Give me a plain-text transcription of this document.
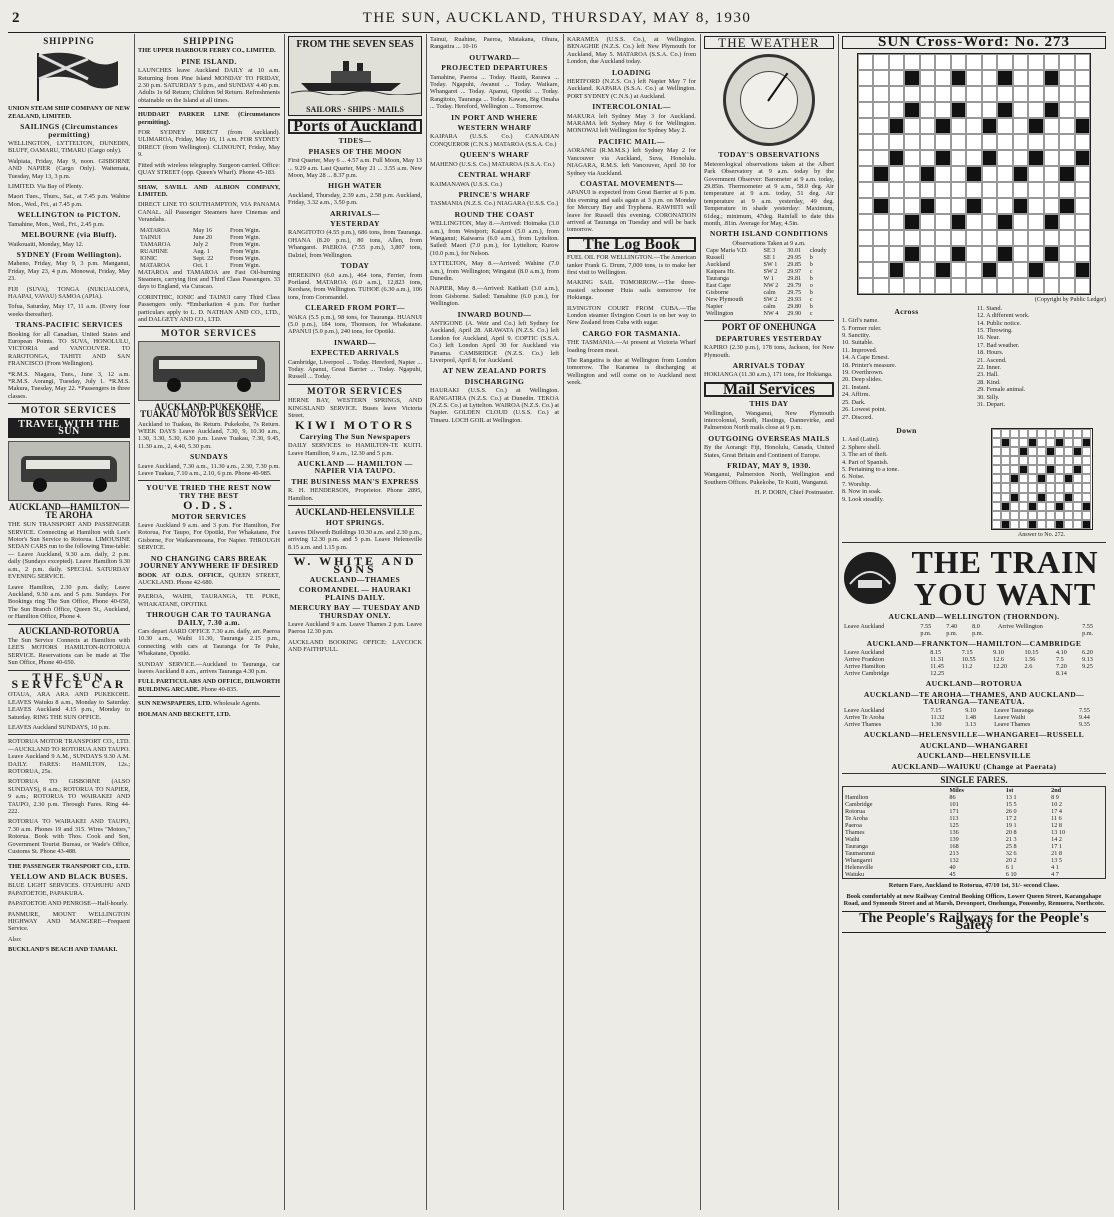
2	THE SUN, AUCKLAND, THURSDAY, MAY 8, 1930
SHIPPING

UNION STEAM SHIP COMPANY OF NEW ZEALAND, LIMITED.

SAILINGS (Circumstances permitting)

WELLINGTON, LYTTELTON, DUNEDIN, BLUFF, OAMARU, TIMARU (Cargo only).

Walpiata, Friday, May 9, noon. GISBORNE AND NAPIER (Cargo Only). Waitemata, Tuesday, May 13, 3 p.m.

LIMITED. Via Bay of Plenty.

Maori Tues., Thurs., Sat., at 7.45 p.m. Wahine Mon., Wed., Fri., at 7.45 p.m.

WELLINGTON to PICTON.

Tamahine, Mon., Wed., Fri., 2.45 p.m.

MELBOURNE (via Bluff).

Waikouaiti, Monday, May 12.

SYDNEY (From Wellington).

Maheno, Friday, May 9, 3 p.m. Manganui, Friday, May 23, 4 p.m. Monowai, Friday, May 23.

FIJI (SUVA), TONGA (NUKUALOFA, HAAPAI, VAVAU) SAMOA (APIA).

Tofua, Saturday, May 17, 11 a.m. (Every four weeks thereafter).

TRANS-PACIFIC SERVICES

Booking for all Canadian, United States and European Points. TO SUVA, HONOLULU, VICTORIA and VANCOUVER. TO RAROTONGA, TAHITI AND SAN FRANCISCO (From Wellington).

*R.M.S. Niagara, Tues., June 3, 12 a.m. *R.M.S. Aorangi, Tuesday, July 1. *R.M.S. Makura, Tuesday, May 22. *Passengers in three classes.

MOTOR SERVICES
TRAVEL WITH THE SUN
AUCKLAND—HAMILTON— TE AROHA

THE SUN TRANSPORT AND PASSENGER SERVICE. Connecting at Hamilton with Lee's Motor's Sun Service to Rotorua. LIMOUSINE SEDAN CARS run to the following Time-table:— Leave Auckland, 9.30 a.m. daily, 2 p.m. daily (Sundays excepted). Leave Hamilton 9.30 a.m., 2 p.m. daily. SPECIAL SATURDAY EVENING SERVICE.

Leave Hamilton, 2.30 p.m. daily; Leave Auckland, 9.30 a.m. and 5 p.m. Sundays. For Bookings ring The Sun Office, Phone 40-650, The Sun Branch Office, Queen St., Auckland, or Hamilton Office, Phone 4.

AUCKLAND-ROTORUA

The Sun Service Connects at Hamilton with LEE'S MOTORS HAMILTON-ROTORUA SERVICE. Reservations can be made at The Sun Office, Phone 40-650.

THE SUN SERVICE CAR

OTAUA, ARA ARA AND PUKEKOHE. LEAVES Waiuku 8 a.m., Monday to Saturday. LEAVES Auckland 4.15 p.m., Monday to Saturday. RING THE SUN OFFICE.

LEAVES Auckland SUNDAYS, 10 p.m.

ROTORUA MOTOR TRANSPORT CO., LTD.—AUCKLAND TO ROTORUA AND TAUPO. Leave Auckland 9 A.M., SUNDAYS 9.30 A.M. DAILY. FARES: HAMILTON, 12s.; ROTORUA, 25s.

ROTORUA TO GISBORNE (ALSO SUNDAYS), 8 a.m.; ROTORUA TO NAPIER, 9 a.m.; ROTORUA TO WAIRAKEI AND TAUPO, 2.30 p.m. Through Fares. Ring 44-222.

ROTORUA TO WAIRAKEI AND TAUPO, 7.30 a.m. Phones 19 and 315. Wires "Motors," Rotorua. Book with Thos. Cook and Son, Government Tourist Bureau, or Wade's Office, Customs St. Phone 43-488.

THE PASSENGER TRANSPORT CO., LTD.

YELLOW AND BLACK BUSES.

BLUE LIGHT SERVICES. OTAHUHU AND PAPATOETOE, PAPAKURA.

PAPATOETOE AND PENROSE—Half-hourly.

PANMURE, MOUNT WELLINGTON HIGHWAY AND MANGERE—Frequent Service.

Also:

BUCKLAND'S BEACH AND TAMAKI.

SHIPPING

THE UPPER HARBOUR FERRY CO., LIMITED.

PINE ISLAND.

LAUNCHES leave Auckland DAILY at 10 a.m. Returning from Pine Island MONDAY TO FRIDAY, 2.30 p.m. SATURDAY 5 p.m., and SUNDAY 4.40 p.m. Adults 1s 6d Return; Children 9d Return. Refreshments obtainable on the Island at all times.

HUDDART PARKER LINE (Circumstances permitting).

FOR SYDNEY DIRECT (from Auckland). ULIMAROA, Friday, May 16, 11 a.m. FOR SYDNEY DIRECT (from Wellington). CLINOUNT, Friday, May 9.

Fitted with wireless telegraphy. Surgeon carried. Office: QUAY STREET (opp. Queen's Wharf). Phone 45-183.

SHAW, SAVILL AND ALBION COMPANY, LIMITED.

DIRECT LINE TO SOUTHAMPTON, VIA PANAMA CANAL. All Passenger Steamers have Cinemas and Verandahs.

MATAROA	May 16	From Wgtn.
TAINUI	June 20	From Wgtn.
TAMAROA	July 2	From Wgtn.
RUAHINE	Aug. 1	From Wgtn.
IONIC	Sept. 22	From Wgtn.
MATAROA	Oct. 1	From Wgtn.

MATAROA and TAMAROA are Fast Oil-burning Steamers, carrying first and Third Class Passengers. 33 days to England, via Curacao.

CORINTHIC, IONIC and TAINUI carry Third Class Passengers only. *Embarkation 4 p.m. For further particulars apply to L. D. NATHAN AND CO., LTD., and DALGETY AND CO., LTD.

MOTOR SERVICES
AUCKLAND-PUKEKOHE, TUAKAU MOTOR BUS SERVICE

Auckland to Tuakau, 8s Return. Pukekohe, 7s Return. WEEK DAYS Leave Auckland, 7.30, 9, 10.30 a.m., 1.30, 3.30, 5.30, 6.30 p.m. Leave Tuakau, 7.30, 9.45, 11.30 a.m., 2, 4.40, 5.30 p.m.

SUNDAYS

Leave Auckland, 7.30 a.m., 11.30 a.m., 2.30, 7.30 p.m. Leave Tuakau, 7.10 a.m., 2.10, 6 p.m. Phone 40-985.

YOU'VE TRIED THE REST NOW TRY THE BEST
O.D.S.
MOTOR SERVICES

Leave Auckland 9 a.m. and 3 p.m. For Hamilton, For Rotorua, For Taupo, For Opotiki, For Whakatane, For Gisborne, For Waikaremoana, For Napier. THROUGH SERVICE.

NO CHANGING CARS BREAK JOURNEY ANYWHERE IF DESIRED

BOOK AT O.D.S. OFFICE, QUEEN STREET, AUCKLAND. Phone 42-680.

PAEROA, WAIHI, TAURANGA, TE PUKE, WHAKATANE, OPOTIKI.

THROUGH CAR TO TAURANGA DAILY, 7.30 a.m.

Cars depart AARD OFFICE 7.30 a.m. daily, arr. Paeroa 10.30 a.m., Waihi 11.30, Tauranga 2.15 p.m., connecting with cars at Tauranga for Te Puke, Whakatane, Opotiki.

SUNDAY SERVICE.—Auckland to Tauranga, car leaves Auckland 8 a.m., arrives Tauranga 4.30 p.m.

FULL PARTICULARS AND OFFICE, DILWORTH BUILDING ARCADE. Phone 40-835.

SUN NEWSPAPERS, LTD. Wholesale Agents.

HOLMAN AND BECKETT, LTD.

FROM THE SEVEN SEAS
SAILORS · SHIPS · MAILS
Ports of Auckland
TIDES—
PHASES OF THE MOON

First Quarter, May 6 ... 4.57 a.m. Full Moon, May 13 ... 9.29 a.m. Last Quarter, May 21 ... 3.55 a.m. New Moon, May 28 ... 8.37 p.m.

HIGH WATER

Auckland, Thursday, 2.39 a.m., 2.58 p.m. Auckland, Friday, 3.32 a.m., 3.50 p.m.

ARRIVALS—
YESTERDAY

RANGITOTO (4.55 p.m.), 686 tons, from Tauranga. OHANA (8.20 p.m.), 80 tons, Allen, from Whangarei. PAEROA (7.55 p.m.), 3,807 tons, Dalziel, from Wellington.

TODAY

HEREKINO (6.0 a.m.), 464 tons, Ferrier, from Portland. MATAROA (6.0 a.m.), 12,823 tons, Kershaw, from Wellington. TUHOE (6.30 a.m.), 106 tons, from Coromandel.

CLEARED FROM PORT—

WAKA (5.5 p.m.), 98 tons, for Tauranga. HUANUI (5.0 p.m.), 184 tons, Thomson, for Whakatane. APANUI (5.0 p.m.), 240 tons, for Opotiki.

INWARD—
EXPECTED ARRIVALS

Cambridge, Liverpool ... Today. Hereford, Napier ... Today. Apanui, Great Barrier ... Today. Ngapuhi, Russell ... Today.

MOTOR SERVICES

HERNE BAY, WESTERN SPRINGS, AND KINGSLAND SERVICE. Buses leave Victoria Street.

KIWI MOTORS
Carrying The Sun Newspapers

DAILY SERVICES to HAMILTON-TE KUITI. Leave Hamilton, 9 a.m., 12.30 and 5 p.m.

AUCKLAND — HAMILTON — NAPIER VIA TAUPO.
THE BUSINESS MAN'S EXPRESS

R. H. HENDERSON, Proprietor. Phone 2895, Hamilton.

AUCKLAND-HELENSVILLE
HOT SPRINGS.

Leaves Dilworth Buildings 10.30 a.m. and 2.30 p.m., arriving 12.30 p.m. and 5 p.m. Leave Helensville 8.15 a.m. and 1.15 p.m.

W. WHITE AND SONS
AUCKLAND—THAMES
COROMANDEL — HAURAKI PLAINS DAILY.
MERCURY BAY — TUESDAY AND THURSDAY ONLY.

Leave Auckland 9 a.m. Leave Thames 2 p.m. Leave Paeroa 12.30 p.m.

AUCKLAND BOOKING OFFICE: LAYCOCK AND FAITHFULL.

Tainui, Ruahine, Paeroa, Matakana, Ohura, Rangatira ... 10-16

OUTWARD—
PROJECTED DEPARTURES

Tamahine, Paeroa ... Today. Hauiti, Rarawa ... Today. Ngapuhi, Awanui ... Today. Waikare, Whangarei ... Today. Apanui, Opotiki ... Today. Rangitoto, Tauranga ... Today. Kawau, Big Omaha ... Today. Hereford, Wellington ... Tomorrow.

IN PORT AND WHERE
WESTERN WHARF

KAIPARA (U.S.S. Co.) CANADIAN CONQUEROR (C.N.S.) MATAROA (S.S.A. Co.)

QUEEN'S WHARF

MAHENO (U.S.S. Co.) MATAROA (S.S.A. Co.)

CENTRAL WHARF

KAIMANAWA (U.S.S. Co.)

PRINCE'S WHARF

TASMANIA (N.Z.S. Co.) NIAGARA (U.S.S. Co.)

ROUND THE COAST

WELLINGTON, May 8.—Arrived: Hoimaka (3.0 a.m.), from Westport; Kaiapoi (5.0 a.m.), from Wanganui; Kaiwarra (6.0 a.m.), from Lyttelton. Sailed: Maori (7.0 p.m.), for Lyttelton; Kurow (10.0 p.m.), for Nelson.

LYTTELTON, May 8.—Arrived: Wahine (7.0 a.m.), from Wellington; Wingatui (8.0 a.m.), from Dunedin.

NAPIER, May 8.—Arrived: Katikati (3.0 a.m.), from Gisborne. Sailed: Tamahine (6.0 p.m.), for Wellington.

INWARD BOUND—

ANTIGONE (A. Weir and Co.) left Sydney for Auckland, April 28. ARAWATA (N.Z.S. Co.) left London for Auckland, April 9. COPTIC (S.S.A. Co.) left London April 30 for Auckland via Panama. CAMBRIDGE (N.Z.S. Co.) left Liverpool, April 8, for Auckland.

AT NEW ZEALAND PORTS
DISCHARGING

HAURAKI (U.S.S. Co.) at Wellington. RANGATIRA (N.Z.S. Co.) at Dunedin. TEKOA (N.Z.S. Co.) at Lyttelton. WAIROA (N.Z.S. Co.) at Napier. GOLDEN CLOUD (U.S.S. Co.) at Timaru. LOCH GOIL at Wellington.

KARAMEA (U.S.S. Co.), at Wellington. BENAGHIE (N.Z.S. Co.) left New Plymouth for Auckland, May 5. MATAROA (S.S.A. Co.) from London, due Auckland today.

LOADING

HERTFORD (N.Z.S. Co.) left Napier May 7 for Auckland. KAPARA (S.S.A. Co.) at Wellington. PORT SYDNEY (C.N.S.) at Auckland.

INTERCOLONIAL—

MAKURA left Sydney May 3 for Auckland. MARAMA left Sydney May 6 for Wellington. MONOWAI left Wellington for Sydney May 2.

PACIFIC MAIL—

AORANGI (R.M.M.S.) left Sydney May 2 for Vancouver via Auckland, Suva, Honolulu. NIAGARA, R.M.S. left Vancouver, April 30 for Sydney via Auckland.

COASTAL MOVEMENTS—

APANUI is expected from Great Barrier at 6 p.m. this evening and sails again at 3 p.m. on Monday for Mercury Bay and Tryphena. RAWHITI will leave for Russell this evening. CORONATION arrived at Tauranga on Tuesday and will be back tomorrow.

The Log Book

FUEL OIL FOR WELLINGTON.—The American tanker Frank G. Drum, 7,000 tons, is to make her first visit to Wellington.

MAKING SAIL TOMORROW.—The three-masted schooner Huia sails tomorrow for Hokianga.

ILVINGTON COURT FROM CUBA.—The London steamer Ilvington Court is on her way to New Zealand from Cuba with sugar.

CARGO FOR TASMANIA.

THE TASMANIA.—At present at Victoria Wharf loading frozen meat.

The Rangatira is due at Wellington from London tomorrow. The Karamea is discharging at Wellington and will come on to Auckland next week.

THE WEATHER
TODAY'S OBSERVATIONS

Meteorological observations taken at the Albert Park Observatory at 9 a.m. today by the Government Observer: Barometer at 9 a.m. today, 29.85in. Thermometer at 9 a.m., 58.0 deg. Air temperature at 9 a.m. today, 51 deg. Air temperature at 9 a.m. yesterday, 49 deg. Temperature in shade yesterday: Maximum, 61deg.; minimum, 47deg. Rainfall to date this month, .81in. Average for May, 4.5in.

NORTH ISLAND CONDITIONS
Observations Taken at 9 a.m.
Cape Maria V.D.	SE 3	30.01	cloudy
Russell	SE 1	29.95	b
Auckland	SW 1	29.85	b
Kaipara Hr.	SW 2	29.97	c
Tauranga	W 1	29.81	b
East Cape	NW 2	29.79	o
Gisborne	calm	29.75	b
New Plymouth	SW 2	29.93	c
Napier	calm	29.80	b
Wellington	NW 4	29.90	c
PORT OF ONEHUNGA
DEPARTURES YESTERDAY

KAPIRO (2.30 p.m.), 178 tons, Jackson, for New Plymouth.

ARRIVALS TODAY

HOKIANGA (11.30 a.m.), 171 tons, for Hokianga.

Mail Services
THIS DAY

Wellington, Wanganui, New Plymouth intercolonial, South, Hastings, Dannevirke, and Palmerston North mails close at 9 p.m.

OUTGOING OVERSEAS MAILS

By the Aorangi: Fiji, Honolulu, Canada, United States, Great Britain and Continent of Europe.

FRIDAY, MAY 9, 1930.

Wanganui, Palmerston North, Wellington and Southern Offices. Pukekohe, Te Kuiti, Wanganui.

H. P. DORN, Chief Postmaster.

SUN Cross-Word: No. 273
(Copyright by Public Ledger)
Across
1. Girl's name.
5. Former ruler.
9. Sanctity.
10. Suitable.
11. Improved.
14. A Cape Ernest.
18. Printer's measure.
19. Overthrown.
20. Deep slides.
21. Instant.
24. Affirm.
25. Dark.
26. Lowest point.
27. Discord.
11. Stand.
12. A different work.
14. Public notice.
15. Throwing.
16. Near.
17. Bad weather.
18. Hours.
21. Ascend.
22. Inner.
23. Hall.
28. Kind.
29. Female animal.
30. Silly.
31. Depart.
Down
1. And (Latin).
2. Sphere shell.
3. The art of theft.
4. Part of Spanish.
5. Pertaining to a tone.
6. Noise.
7. Worship.
8. Now in soak.
9. Look steadily.
Answer to No. 272.
THE TRAIN YOU WANT
AUCKLAND—WELLINGTON (THORNDON).
Leave Auckland	7.55	7.40	8.0	Arrive Wellington	7.55
	p.m.	p.m.	p.m.		p.m.
AUCKLAND—FRANKTON—HAMILTON—CAMBRIDGE
Leave Auckland	8.15	7.15	9.10	10.15	4.10	6.20
Arrive Frankton	11.31	10.55	12.6	1.56	7.5	9.13
Arrive Hamilton	11.45	11.2	12.20	2.6	7.20	9.25
Arrive Cambridge	12.25				8.14	
AUCKLAND—ROTORUA
AUCKLAND—TE AROHA—THAMES, AND AUCKLAND—TAURANGA—TANEATUA.
Leave Auckland	7.15	9.10	Leave Tauranga	7.55
Arrive Te Aroha	11.32	1.48	Leave Waihi	9.44
Arrive Thames	1.30	3.13	Leave Thames	9.35
AUCKLAND—HELENSVILLE—WHANGAREI—RUSSELL
AUCKLAND—WHANGAREI
AUCKLAND—HELENSVILLE
AUCKLAND—WAIUKU (Change at Paerata)
SINGLE FARES.
	Miles	1st	2nd
Hamilton	86	13 1	8 9
Cambridge	101	15 5	10 2
Rotorua	171	26 0	17 4
Te Aroha	113	17 2	11 6
Paeroa	125	19 1	12 8
Thames	136	20 8	13 10
Waihi	139	21 3	14 2
Tauranga	168	25 8	17 1
Taumarunui	213	32 6	21 8
Whangarei	132	20 2	13 5
Helensville	40	6 1	4 1
Waiuku	45	6 10	4 7

Return Fare, Auckland to Rotorua, 47/10 1st, 31/- second Class.

Book comfortably at new Railway Central Booking Offices, Lower Queen Street, Karangahape Road, and Symonds Street and at Marsh, Devonport, Onehunga, Ponsonby, Remuera, Northcote.

The People's Railways for the People's Safety
